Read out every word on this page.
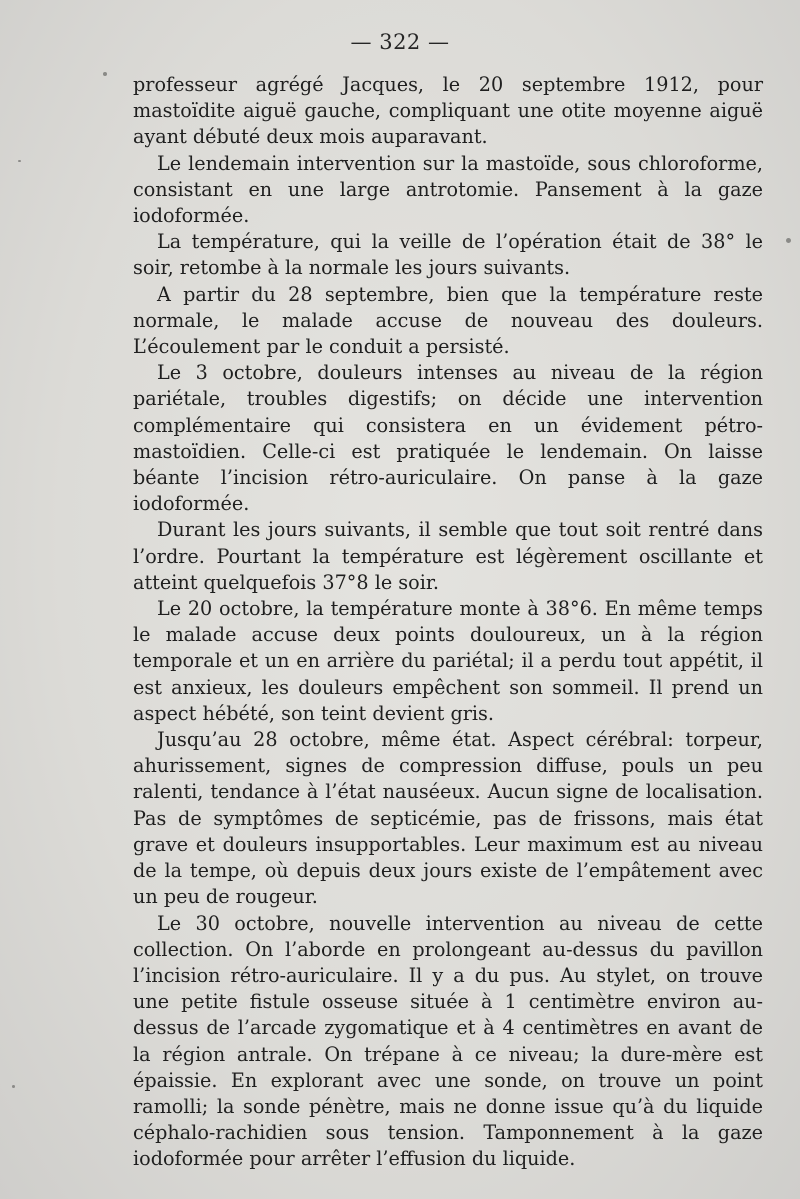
— 322 —

professeur agrégé Jacques, le 20 septembre 1912, pour mastoïdite aiguë gauche, compliquant une otite moyenne aiguë ayant débuté deux mois auparavant.

Le lendemain intervention sur la mastoïde, sous chloroforme, consistant en une large antrotomie. Pansement à la gaze iodoformée.

La température, qui la veille de l’opération était de 38° le soir, retombe à la normale les jours suivants.

A partir du 28 septembre, bien que la température reste normale, le malade accuse de nouveau des douleurs. L’écoulement par le conduit a persisté.

Le 3 octobre, douleurs intenses au niveau de la région pariétale, troubles digestifs; on décide une intervention complémentaire qui consistera en un évidement pétro-mastoïdien. Celle-ci est pratiquée le lendemain. On laisse béante l’incision rétro-auriculaire. On panse à la gaze iodoformée.

Durant les jours suivants, il semble que tout soit rentré dans l’ordre. Pourtant la température est légèrement oscillante et atteint quelquefois 37°8 le soir.

Le 20 octobre, la température monte à 38°6. En même temps le malade accuse deux points douloureux, un à la région temporale et un en arrière du pariétal; il a perdu tout appétit, il est anxieux, les douleurs empêchent son sommeil. Il prend un aspect hébété, son teint devient gris.

Jusqu’au 28 octobre, même état. Aspect cérébral: torpeur, ahurissement, signes de compression diffuse, pouls un peu ralenti, tendance à l’état nauséeux. Aucun signe de localisation. Pas de symptômes de septicémie, pas de frissons, mais état grave et douleurs insupportables. Leur maximum est au niveau de la tempe, où depuis deux jours existe de l’empâtement avec un peu de rougeur.

Le 30 octobre, nouvelle intervention au niveau de cette collection. On l’aborde en prolongeant au-dessus du pavillon l’incision rétro-auriculaire. Il y a du pus. Au stylet, on trouve une petite fistule osseuse située à 1 centimètre environ au-dessus de l’arcade zygomatique et à 4 centimètres en avant de la région antrale. On trépane à ce niveau; la dure-mère est épaissie. En explorant avec une sonde, on trouve un point ramolli; la sonde pénètre, mais ne donne issue qu’à du liquide céphalo-rachidien sous tension. Tamponnement à la gaze iodoformée pour arrêter l’effusion du liquide.
